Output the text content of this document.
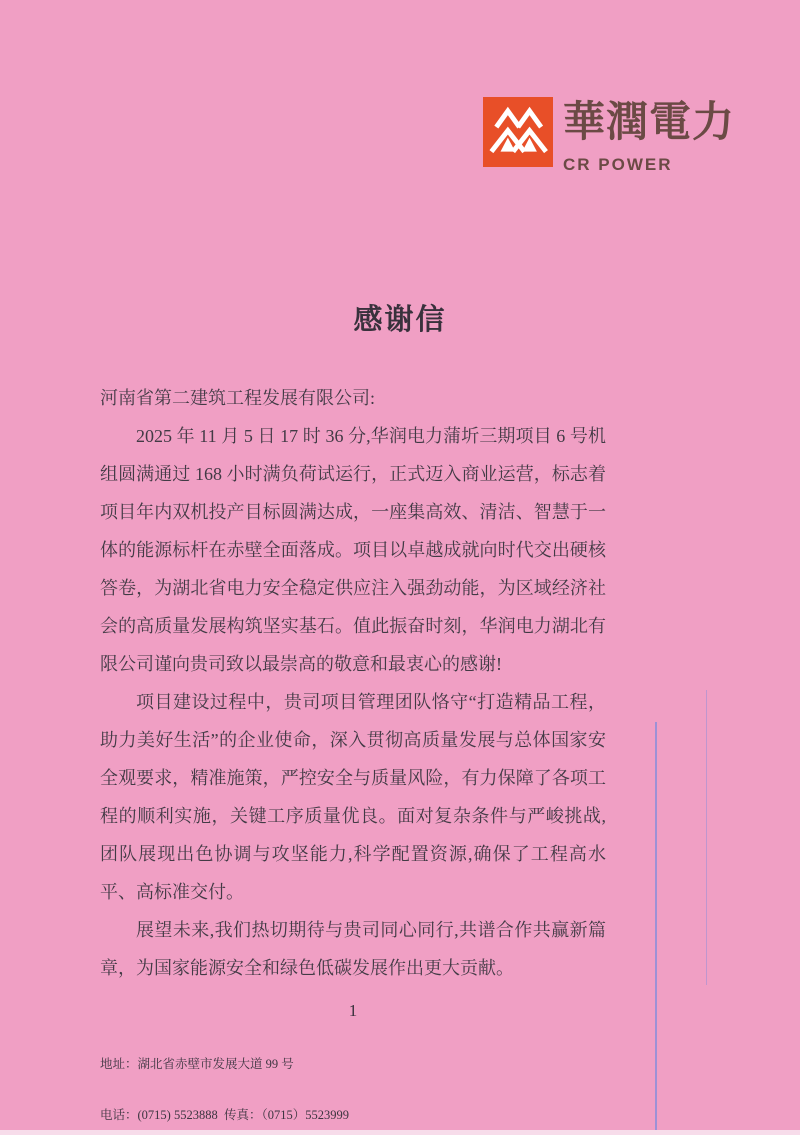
華潤電力
CR POWER
感谢信

河南省第二建筑工程发展有限公司:

2025 年 11 月 5 日 17 时 36 分,华润电力蒲圻三期项目 6 号机组圆满通过 168 小时满负荷试运行，正式迈入商业运营，标志着项目年内双机投产目标圆满达成，一座集高效、清洁、智慧于一体的能源标杆在赤壁全面落成。项目以卓越成就向时代交出硬核答卷，为湖北省电力安全稳定供应注入强劲动能，为区域经济社会的高质量发展构筑坚实基石。值此振奋时刻，华润电力湖北有限公司谨向贵司致以最崇高的敬意和最衷心的感谢!

项目建设过程中，贵司项目管理团队恪守“打造精品工程，助力美好生活”的企业使命，深入贯彻高质量发展与总体国家安全观要求，精准施策，严控安全与质量风险，有力保障了各项工程的顺利实施，关键工序质量优良。面对复杂条件与严峻挑战,团队展现出色协调与攻坚能力,科学配置资源,确保了工程高水平、高标准交付。

展望未来,我们热切期待与贵司同心同行,共谱合作共赢新篇章，为国家能源安全和绿色低碳发展作出更大贡献。

1

地址：湖北省赤壁市发展大道 99 号

电话：(0715) 5523888  传真：（0715）5523999
